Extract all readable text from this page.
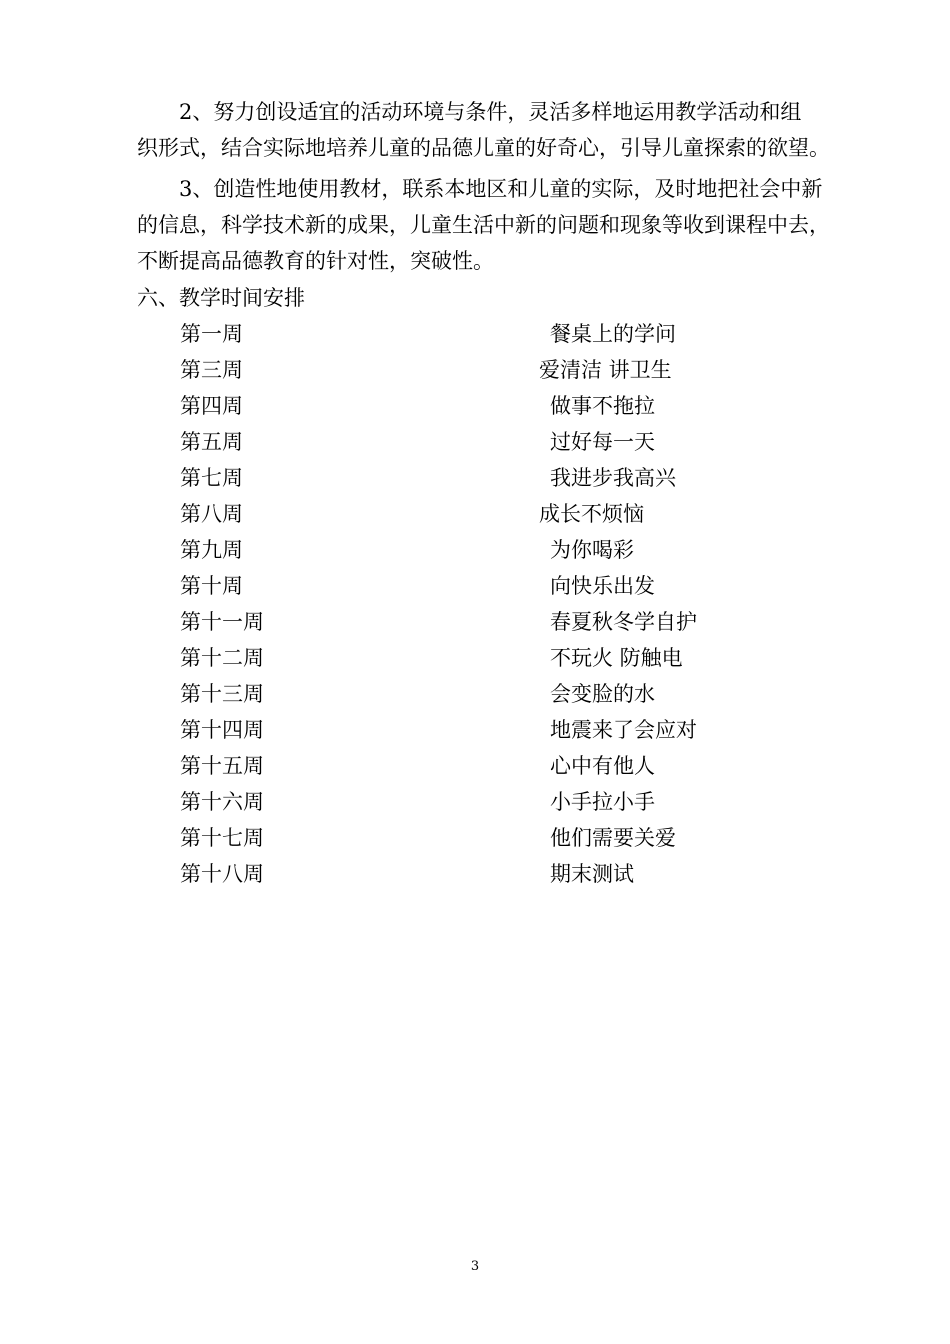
2、努力创设适宜的活动环境与条件，灵活多样地运用教学活动和组
织形式，结合实际地培养儿童的品德儿童的好奇心，引导儿童探索的欲望。
3、创造性地使用教材，联系本地区和儿童的实际，及时地把社会中新
的信息，科学技术新的成果，儿童生活中新的问题和现象等收到课程中去，
不断提高品德教育的针对性，突破性。
六、教学时间安排
第一周	餐桌上的学问
第三周	爱清洁 讲卫生
第四周	做事不拖拉
第五周	过好每一天
第七周	我进步我高兴
第八周	成长不烦恼
第九周	为你喝彩
第十周	向快乐出发
第十一周	春夏秋冬学自护
第十二周	不玩火 防触电
第十三周	会变脸的水
第十四周	地震来了会应对
第十五周	心中有他人
第十六周	小手拉小手
第十七周	他们需要关爱
第十八周	期末测试
3
